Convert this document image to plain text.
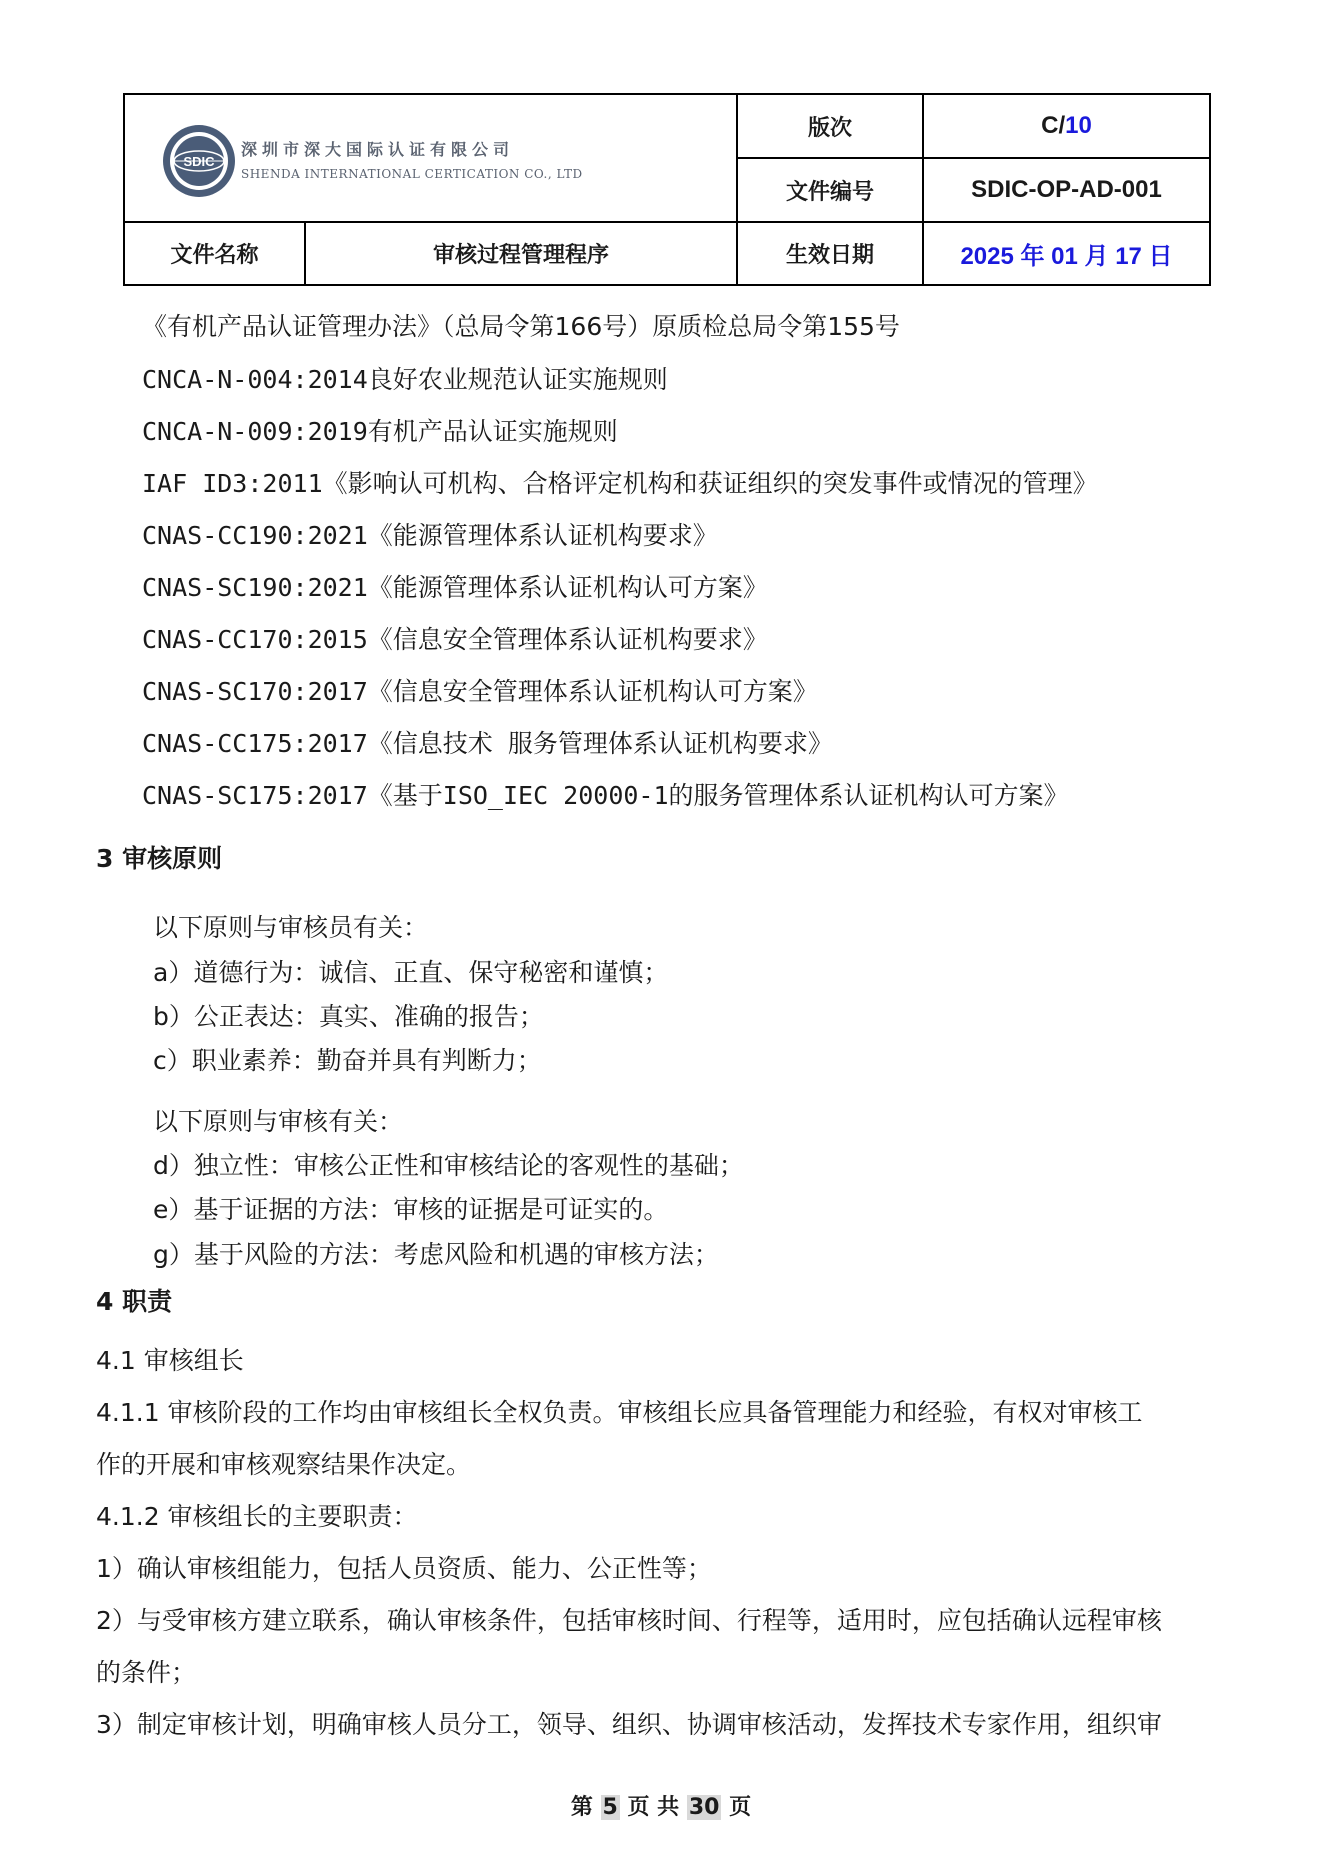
SDIC
深圳市深大国际认证有限公司
SHENDA INTERNATIONAL CERTICATION CO., LTD		版次	C/10
		文件编号	SDIC-OP-AD-001
文件名称	审核过程管理程序	生效日期	2025 年 01 月 17 日
《有机产品认证管理办法》（总局令第166号）原质检总局令第155号
CNCA-N-004:2014良好农业规范认证实施规则
CNCA-N-009:2019有机产品认证实施规则
IAF ID3:2011《影响认可机构、合格评定机构和获证组织的突发事件或情况的管理》
CNAS-CC190:2021《能源管理体系认证机构要求》
CNAS-SC190:2021《能源管理体系认证机构认可方案》
CNAS-CC170:2015《信息安全管理体系认证机构要求》
CNAS-SC170:2017《信息安全管理体系认证机构认可方案》
CNAS-CC175:2017《信息技术 服务管理体系认证机构要求》
CNAS-SC175:2017《基于ISO_IEC 20000-1的服务管理体系认证机构认可方案》
3 审核原则
以下原则与审核员有关：
a）道德行为：诚信、正直、保守秘密和谨慎；
b）公正表达：真实、准确的报告；
c）职业素养：勤奋并具有判断力；
以下原则与审核有关：
d）独立性：审核公正性和审核结论的客观性的基础；
e）基于证据的方法：审核的证据是可证实的。
g）基于风险的方法：考虑风险和机遇的审核方法；
4 职责
4.1 审核组长
4.1.1 审核阶段的工作均由审核组长全权负责。审核组长应具备管理能力和经验，有权对审核工
作的开展和审核观察结果作决定。
4.1.2 审核组长的主要职责：
1）确认审核组能力，包括人员资质、能力、公正性等；
2）与受审核方建立联系，确认审核条件，包括审核时间、行程等，适用时，应包括确认远程审核
的条件；
3）制定审核计划，明确审核人员分工，领导、组织、协调审核活动，发挥技术专家作用，组织审
第 5 页 共 30 页
